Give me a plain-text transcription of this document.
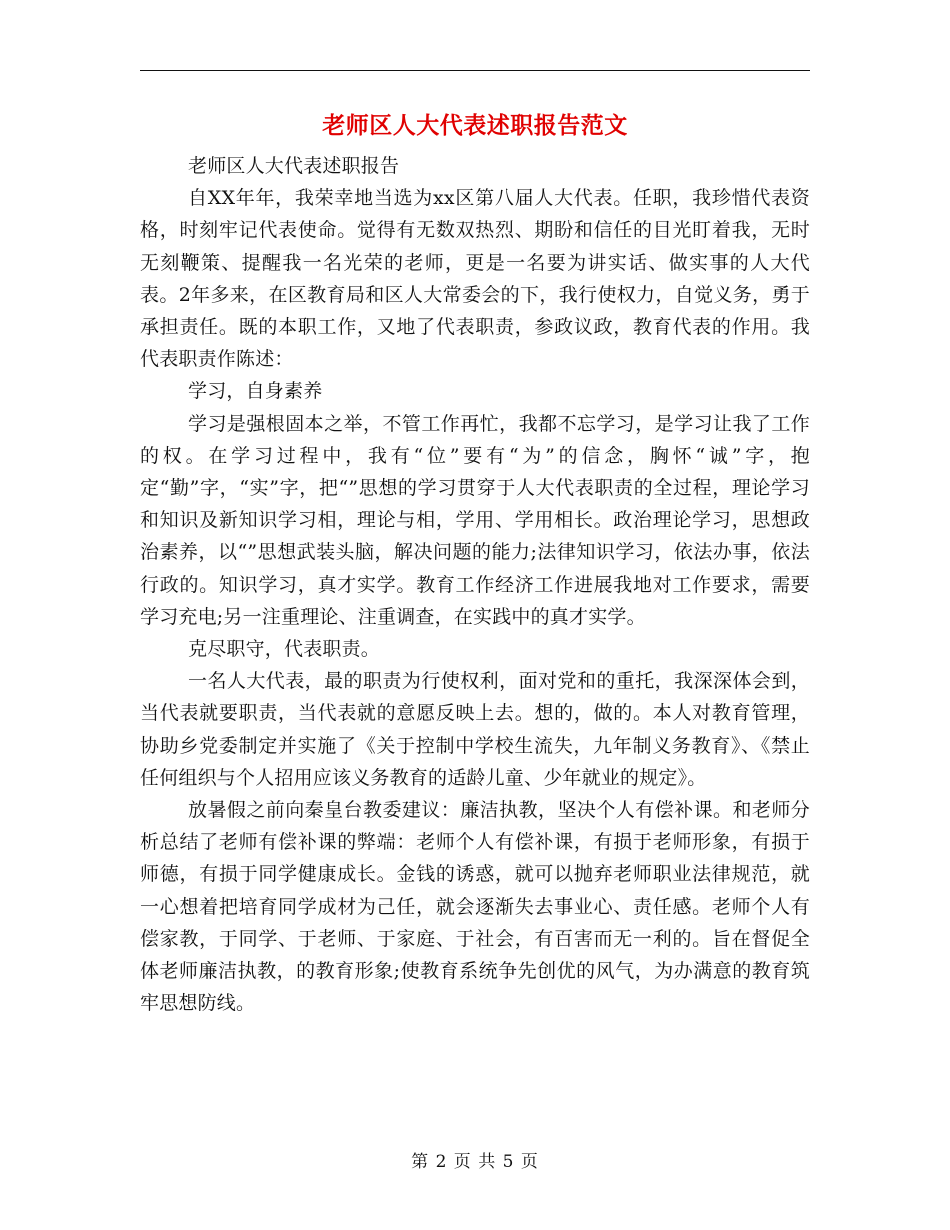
老师区人大代表述职报告范文

老师区人大代表述职报告

自XX年年，我荣幸地当选为xx区第八届人大代表。任职，我珍惜代表资格，时刻牢记代表使命。觉得有无数双热烈、期盼和信任的目光盯着我，无时无刻鞭策、提醒我一名光荣的老师，更是一名要为讲实话、做实事的人大代表。2年多来，在区教育局和区人大常委会的下，我行使权力，自觉义务，勇于承担责任。既的本职工作，又地了代表职责，参政议政，教育代表的作用。我代表职责作陈述：

学习，自身素养

学习是强根固本之举，不管工作再忙，我都不忘学习，是学习让我了工作的权。在学习过程中，我有“位”要有“为”的信念，胸怀“诚”字，抱定“勤”字，“实”字，把“”思想的学习贯穿于人大代表职责的全过程，理论学习和知识及新知识学习相，理论与相，学用、学用相长。政治理论学习，思想政治素养，以“”思想武装头脑，解决问题的能力;法律知识学习，依法办事，依法行政的。知识学习，真才实学。教育工作经济工作进展我地对工作要求，需要学习充电;另一注重理论、注重调查，在实践中的真才实学。

克尽职守，代表职责。

一名人大代表，最的职责为行使权利，面对党和的重托，我深深体会到，当代表就要职责，当代表就的意愿反映上去。想的，做的。本人对教育管理，协助乡党委制定并实施了《关于控制中学校生流失，九年制义务教育》、《禁止任何组织与个人招用应该义务教育的适龄儿童、少年就业的规定》。

放暑假之前向秦皇台教委建议：廉洁执教，坚决个人有偿补课。和老师分析总结了老师有偿补课的弊端：老师个人有偿补课，有损于老师形象，有损于师德，有损于同学健康成长。金钱的诱惑，就可以抛弃老师职业法律规范，就一心想着把培育同学成材为己任，就会逐渐失去事业心、责任感。老师个人有偿家教，于同学、于老师、于家庭、于社会，有百害而无一利的。旨在督促全体老师廉洁执教，的教育形象;使教育系统争先创优的风气，为办满意的教育筑牢思想防线。

第 2 页 共 5 页
